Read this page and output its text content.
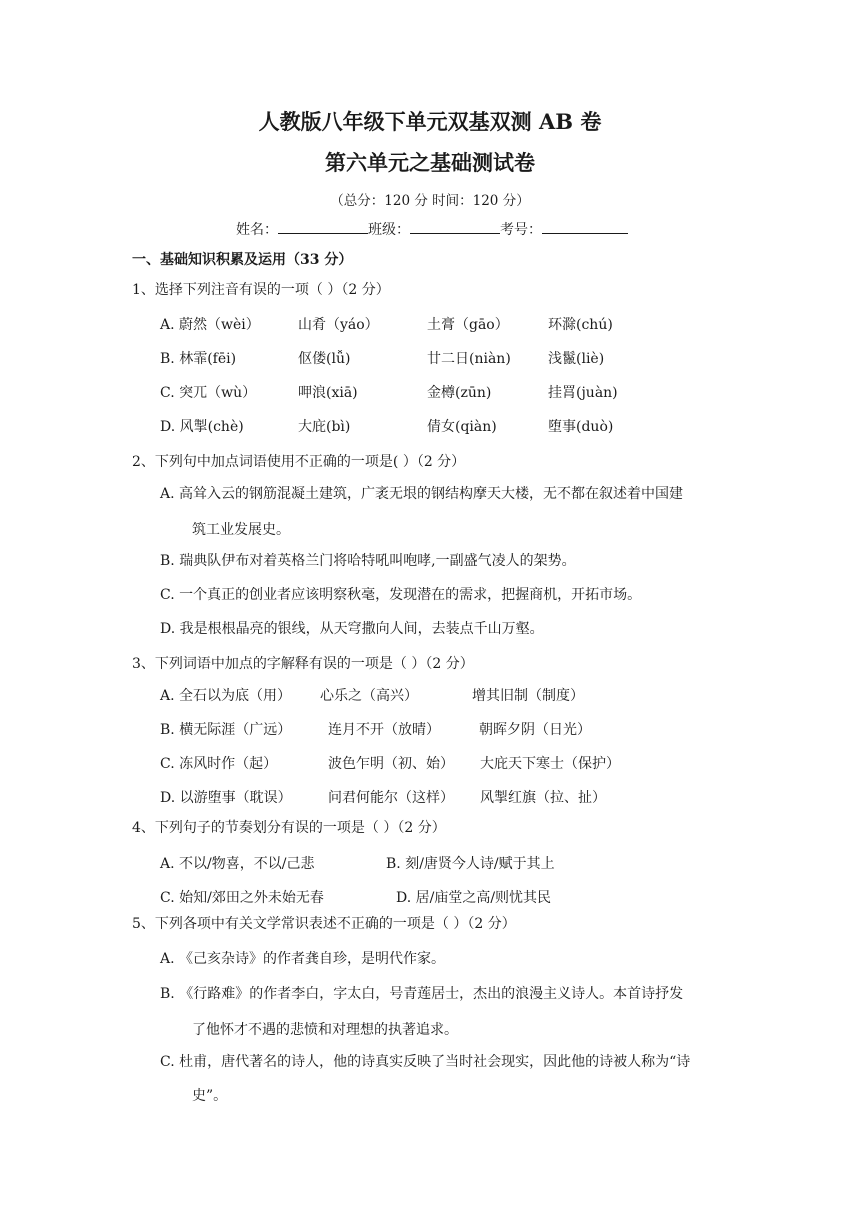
人教版八年级下单元双基双测 AB 卷
第六单元之基础测试卷
（总分：120 分 时间：120 分）
姓名：	班级：	考号：
一、基础知识积累及运用（33 分）
1、选择下列注音有误的一项（ ）（2 分）
A. 蔚然（wèi）	山肴（yáo）	土膏（gāo）	环滁(chú)
B. 林霏(fēi)	伛偻(lǚ)	廿二日(niàn)	浅鬣(liè)
C. 突兀（wù）	呷浪(xiā)	金樽(zūn)	挂罥(juàn)
D. 风掣(chè)	大庇(bì)	倩女(qiàn)	堕事(duò)
2、下列句中加点词语使用不正确的一项是( ）（2 分）
A. 高耸入云的钢筋混凝土建筑，广袤无垠的钢结构摩天大楼，无不都在叙述着中国建
筑工业发展史。
B. 瑞典队伊布对着英格兰门将哈特吼叫咆哮,一副盛气凌人的架势。
C. 一个真正的创业者应该明察秋毫，发现潜在的需求，把握商机，开拓市场。
D. 我是根根晶亮的银线，从天穹撒向人间，去装点千山万壑。
3、下列词语中加点的字解释有误的一项是（ ）（2 分）
A. 全石以为底（用） 心乐之（高兴）	增其旧制（制度）
B. 横无际涯（广远）	连月不开（放晴）	朝晖夕阴（日光）
C. 冻风时作（起）	波色乍明（初、始） 大庇天下寒士（保护）
D. 以游堕事（耽误）	问君何能尔（这样） 风掣红旗（拉、扯）
4、下列句子的节奏划分有误的一项是（ ）（2 分）
A. 不以/物喜，不以/己悲	B. 刻/唐贤今人诗/赋于其上
C. 始知/郊田之外未始无春	D. 居/庙堂之高/则忧其民
5、下列各项中有关文学常识表述不正确的一项是（ ）（2 分）
A. 《己亥杂诗》的作者龚自珍，是明代作家。
B. 《行路难》的作者李白，字太白，号青莲居士，杰出的浪漫主义诗人。本首诗抒发
了他怀才不遇的悲愤和对理想的执著追求。
C. 杜甫，唐代著名的诗人，他的诗真实反映了当时社会现实，因此他的诗被人称为“诗
史”。
